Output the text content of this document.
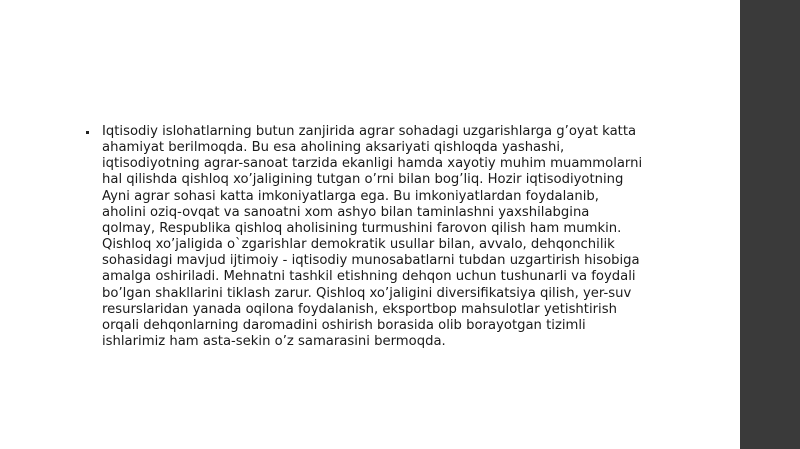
Iqtisodiy islohatlarning butun zanjirida agrar sohadagi uzgarishlarga g’oyat katta ahamiyat berilmoqda. Bu esa aholining aksariyati qishloqda yashashi, iqtisodiyotning agrar-sanoat tarzida ekanligi hamda xayotiy muhim muammolarni hal qilishda qishloq xo’jaligining tutgan o’rni bilan bog’liq. Hozir iqtisodiyotning Ayni agrar sohasi katta imkoniyatlarga ega. Bu imkoniyatlardan foydalanib, aholini oziq-ovqat va sanoatni xom ashyo bilan taminlashni yaxshilabgina qolmay, Respublika qishloq aholisining turmushini farovon qilish ham mumkin. Qishloq xo’jaligida o`zgarishlar demokratik usullar bilan, avvalo, dehqonchilik sohasidagi mavjud ijtimoiy - iqtisodiy munosabatlarni tubdan uzgartirish hisobiga amalga oshiriladi. Mehnatni tashkil etishning dehqon uchun tushunarli va foydali bo’lgan shakllarini tiklash zarur. Qishloq xo’jaligini diversifikatsiya qilish, yer-suv resurslaridan yanada oqilona foydalanish, eksportbop mahsulotlar yetishtirish orqali dehqonlarning daromadini oshirish borasida olib borayotgan tizimli ishlarimiz ham asta-sekin o’z samarasini bermoqda.
